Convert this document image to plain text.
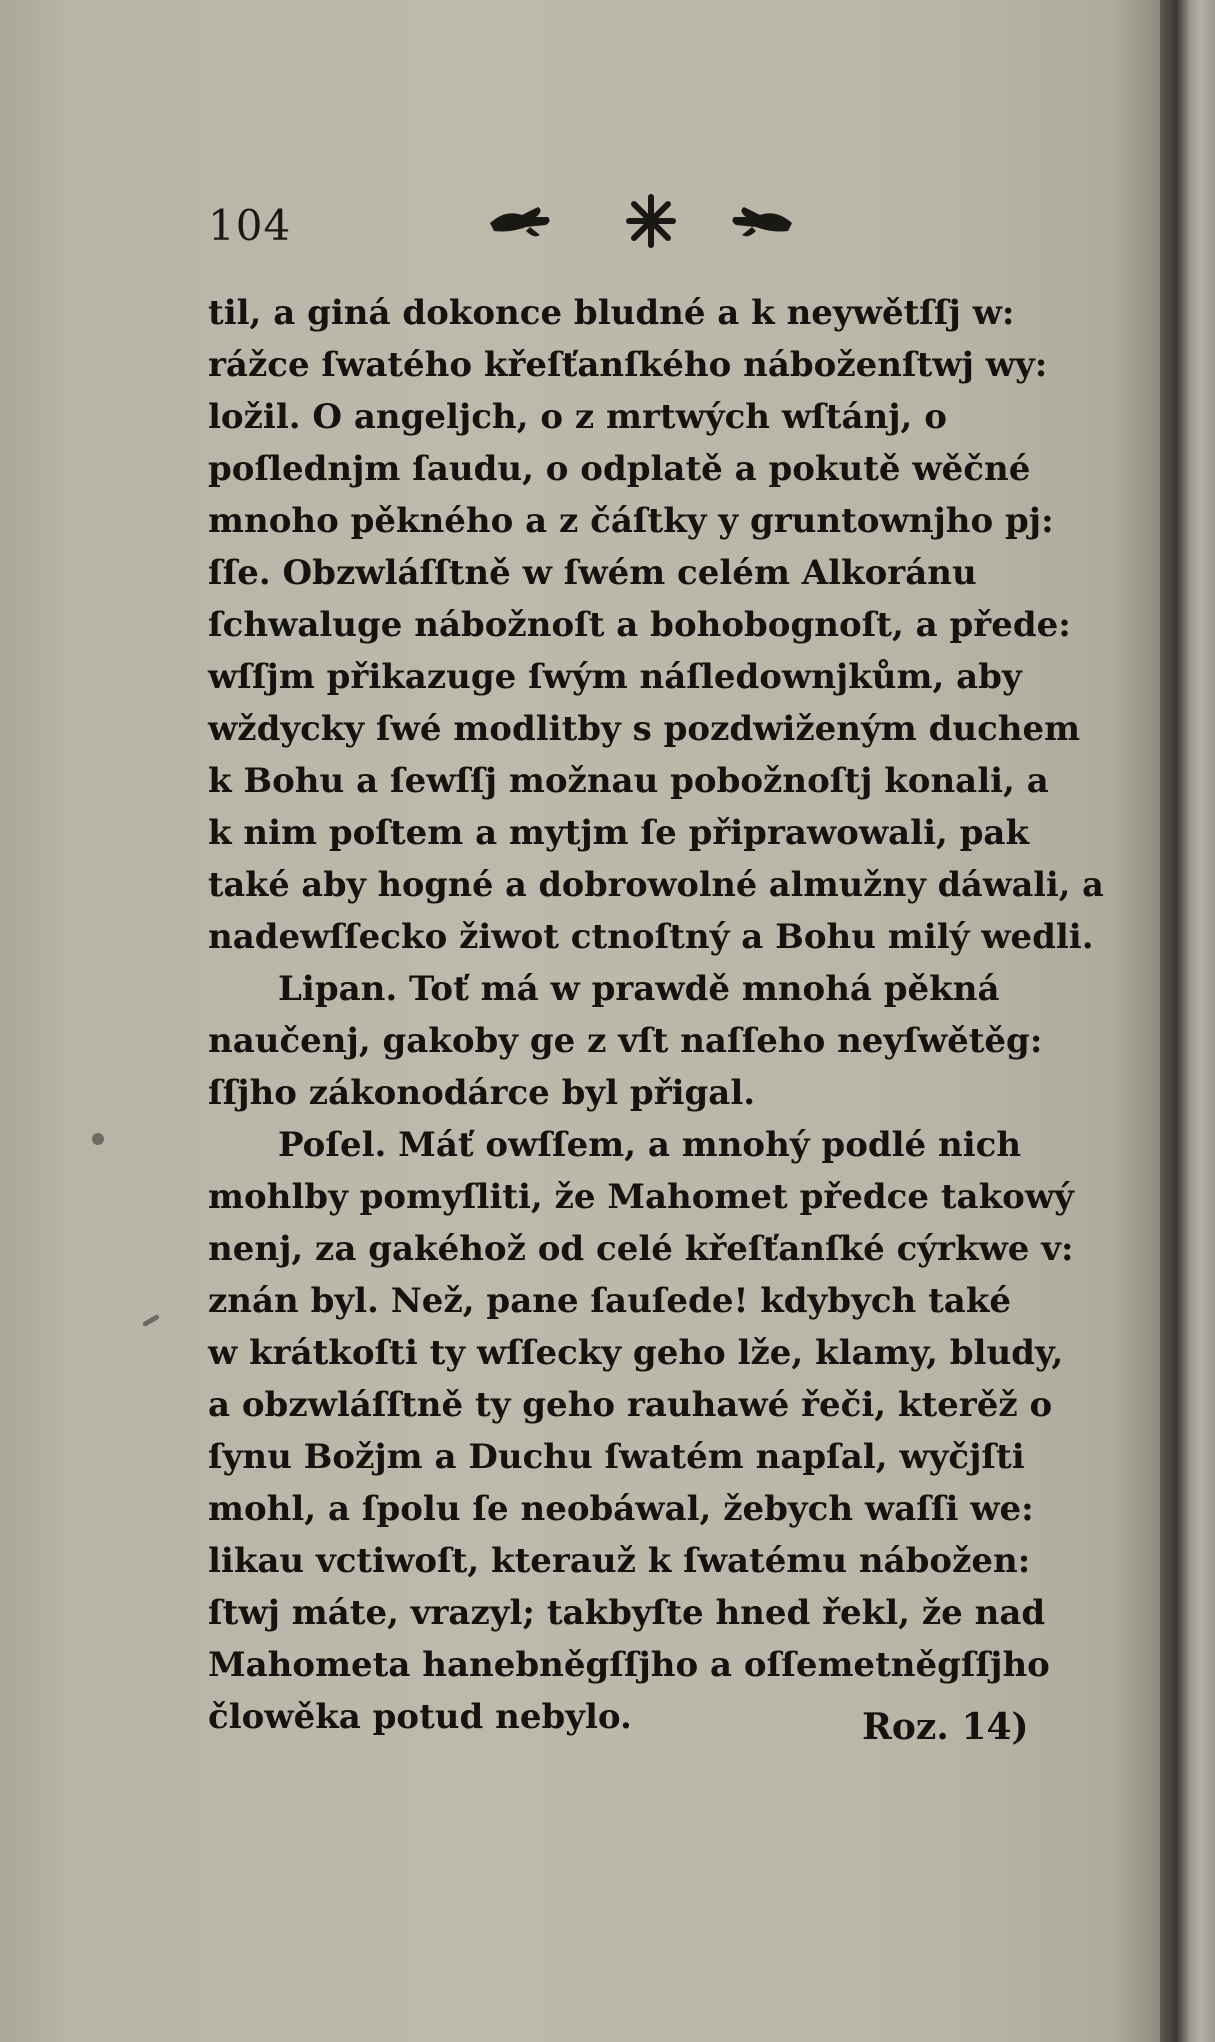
104
til, a giná dokonce bludné a k neywětſſj w:
rážce ſwatého křeſťanſkého náboženſtwj wy:
ložil. O angeljch, o z mrtwých wſtánj, o
poſlednjm ſaudu, o odplatě a pokutě wěčné
mnoho pěkného a z čáſtky y gruntownjho pj:
ſſe. Obzwláſſtně w ſwém celém Alkoránu
ſchwaluge nábožnoſt a bohobognoſt, a přede:
wſſjm přikazuge ſwým náſledownjkům, aby
wždycky ſwé modlitby s pozdwiženým duchem
k Bohu a ſewſſj možnau pobožnoſtj konali, a
k nim poſtem a mytjm ſe připrawowali, pak
také aby hogné a dobrowolné almužny dáwali, a
nadewſſecko žiwot ctnoſtný a Bohu milý wedli.
Lipan. Toť má w prawdě mnohá pěkná
naučenj, gakoby ge z vſt naſſeho neyſwětěg:
ſſjho zákonodárce byl přigal.
Poſel. Máť owſſem, a mnohý podlé nich
mohlby pomyſliti, že Mahomet předce takowý
nenj, za gakéhož od celé křeſťanſké cýrkwe v:
znán byl. Než, pane ſauſede! kdybych také
w krátkoſti ty wſſecky geho lže, klamy, bludy,
a obzwláſſtně ty geho rauhawé řeči, kterěž o
ſynu Božjm a Duchu ſwatém napſal, wyčjſti
mohl, a ſpolu ſe neobáwal, žebych waſſi we:
likau vctiwoſt, kterauž k ſwatému nábožen:
ſtwj máte, vrazyl; takbyſte hned řekl, že nad
Mahometa hanebněgſſjho a oſſemetněgſſjho
člowěka potud nebylo.	Roz. 14)
